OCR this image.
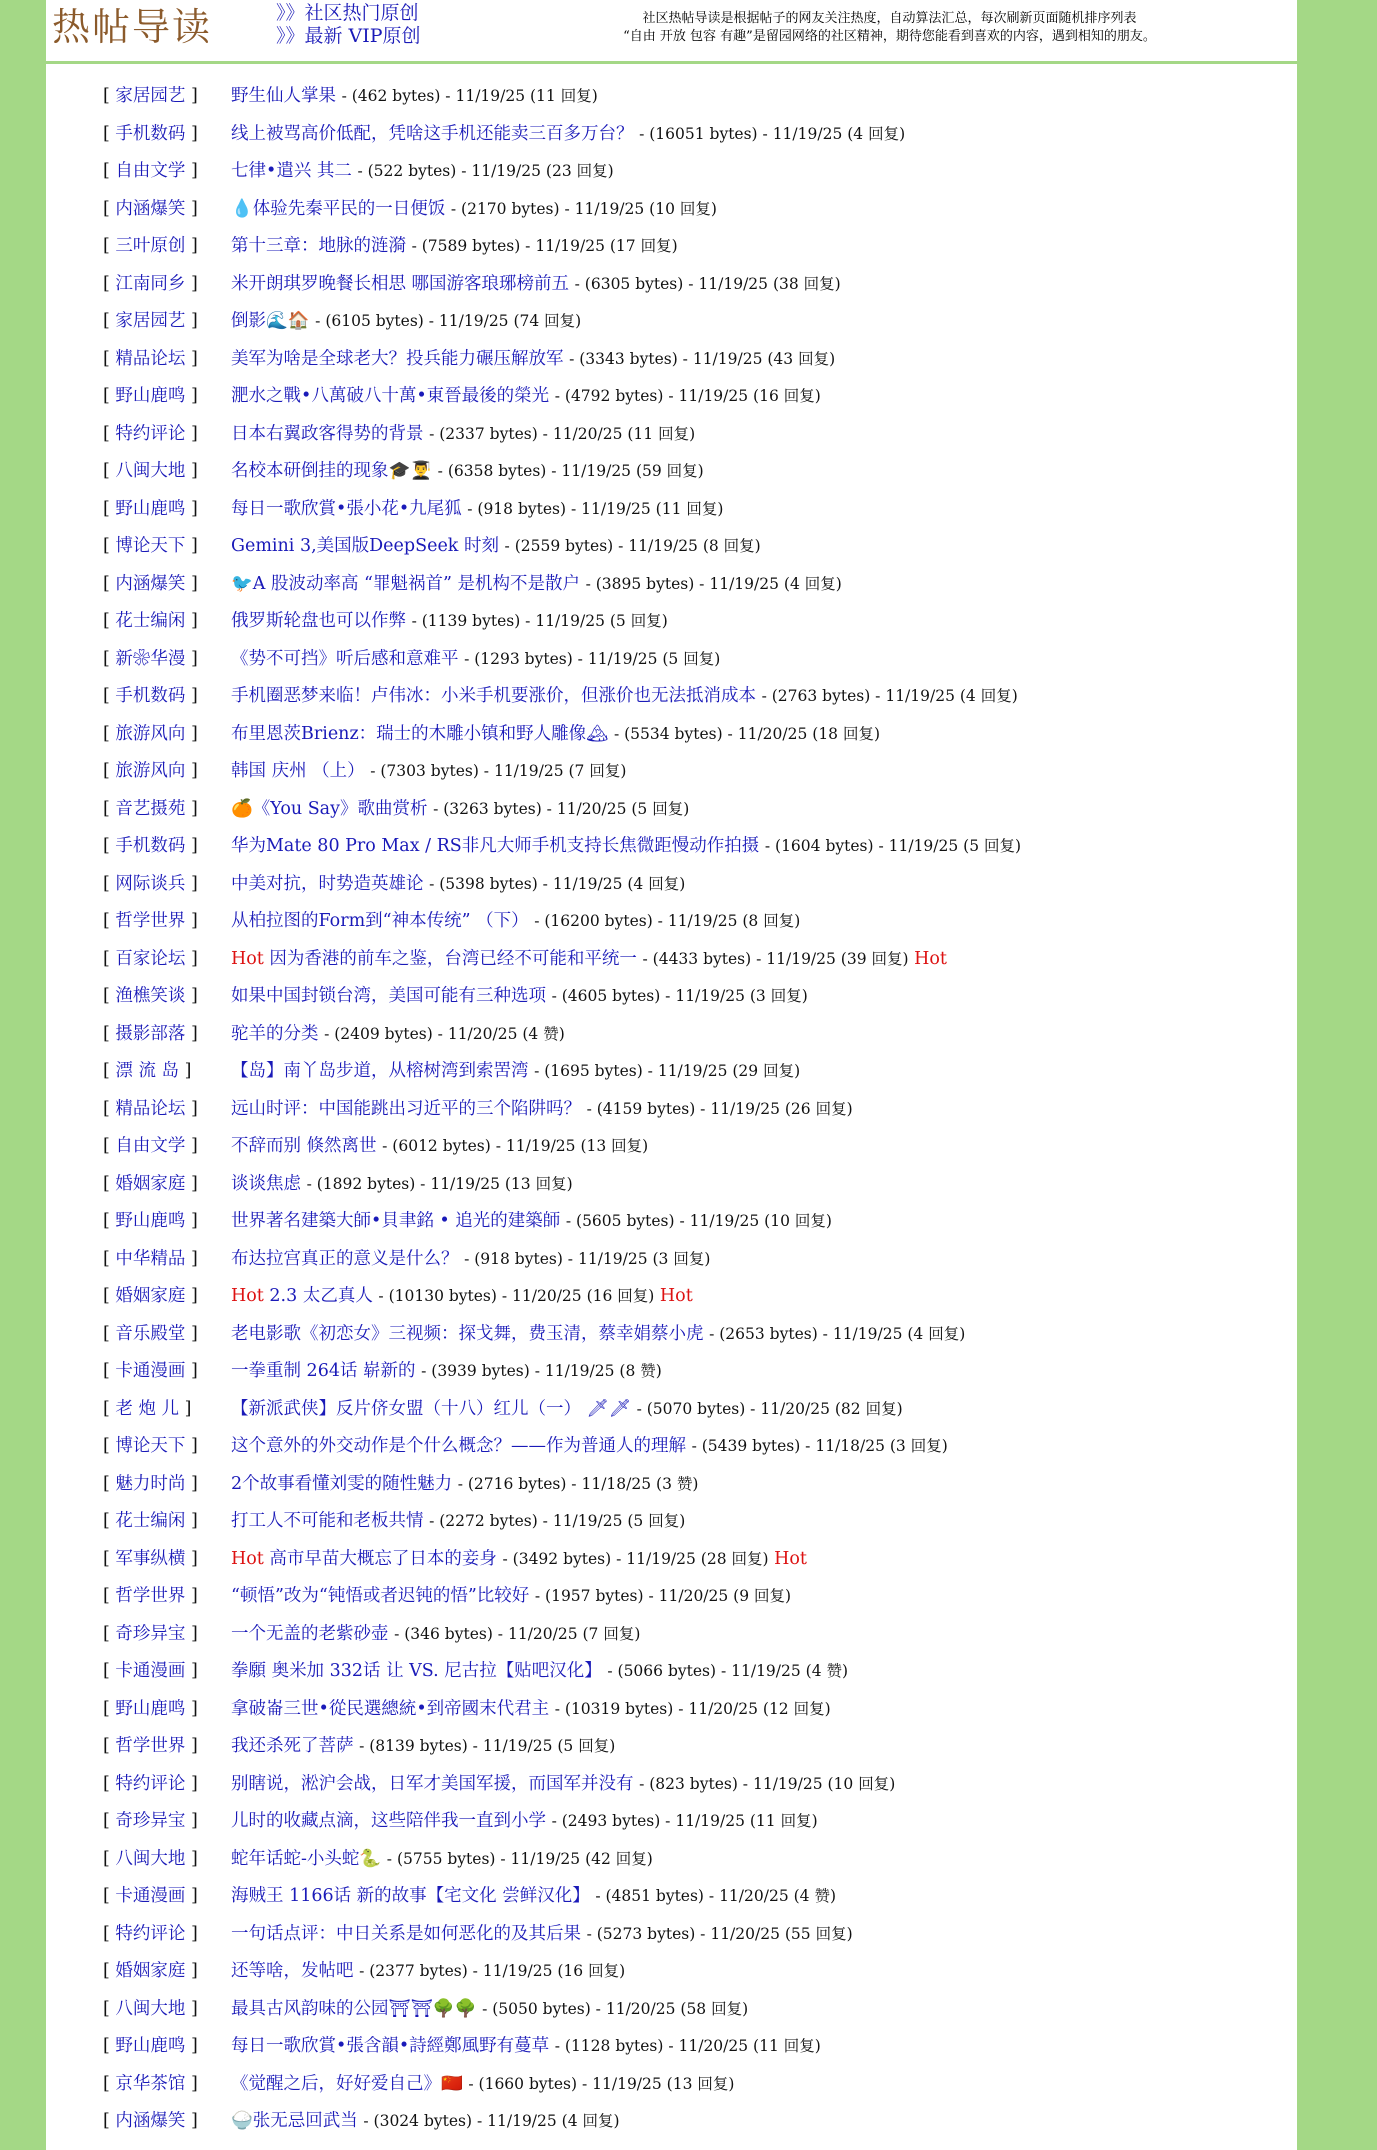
热帖导读	》》社区热门原创
》》最新 VIP原创
社区热帖导读是根据帖子的网友关注热度，自动算法汇总，每次刷新页面随机排序列表
“自由 开放 包容 有趣”是留园网络的社区精神，期待您能看到喜欢的内容，遇到相知的朋友。
[ 家居园艺 ] 野生仙人掌果 - (462 bytes) - 11/19/25 (11 回复)
[ 手机数码 ] 线上被骂高价低配，凭啥这手机还能卖三百多万台？ - (16051 bytes) - 11/19/25 (4 回复)
[ 自由文学 ] 七律•遣兴 其二 - (522 bytes) - 11/19/25 (23 回复)
[ 内涵爆笑 ] 💧体验先秦平民的一日便饭 - (2170 bytes) - 11/19/25 (10 回复)
[ 三叶原创 ] 第十三章：地脉的涟漪 - (7589 bytes) - 11/19/25 (17 回复)
[ 江南同乡 ] 米开朗琪罗晚餐长相思 哪国游客琅琊榜前五 - (6305 bytes) - 11/19/25 (38 回复)
[ 家居园艺 ] 倒影🌊🏠 - (6105 bytes) - 11/19/25 (74 回复)
[ 精品论坛 ] 美军为啥是全球老大？投兵能力碾压解放军 - (3343 bytes) - 11/19/25 (43 回复)
[ 野山鹿鸣 ] 淝水之戰•八萬破八十萬•東晉最後的榮光 - (4792 bytes) - 11/19/25 (16 回复)
[ 特约评论 ] 日本右翼政客得势的背景 - (2337 bytes) - 11/20/25 (11 回复)
[ 八闽大地 ] 名校本研倒挂的现象🎓👨‍🎓 - (6358 bytes) - 11/19/25 (59 回复)
[ 野山鹿鸣 ] 每日一歌欣賞•張小花•九尾狐 - (918 bytes) - 11/19/25 (11 回复)
[ 博论天下 ] Gemini 3,美国版DeepSeek 时刻 - (2559 bytes) - 11/19/25 (8 回复)
[ 内涵爆笑 ] 🐦A 股波动率高 “罪魁祸首” 是机构不是散户 - (3895 bytes) - 11/19/25 (4 回复)
[ 花士编闲 ] 俄罗斯轮盘也可以作弊 - (1139 bytes) - 11/19/25 (5 回复)
[ 新❀华漫 ] 《势不可挡》听后感和意难平 - (1293 bytes) - 11/19/25 (5 回复)
[ 手机数码 ] 手机圈恶梦来临！卢伟冰：小米手机要涨价，但涨价也无法抵消成本 - (2763 bytes) - 11/19/25 (4 回复)
[ 旅游风向 ] 布里恩茨Brienz：瑞士的木雕小镇和野人雕像🏔 - (5534 bytes) - 11/20/25 (18 回复)
[ 旅游风向 ] 韩国 庆州 （上） - (7303 bytes) - 11/19/25 (7 回复)
[ 音艺摄苑 ] 🍊《You Say》歌曲赏析 - (3263 bytes) - 11/20/25 (5 回复)
[ 手机数码 ] 华为Mate 80 Pro Max / RS非凡大师手机支持长焦微距慢动作拍摄 - (1604 bytes) - 11/19/25 (5 回复)
[ 网际谈兵 ] 中美对抗，时势造英雄论 - (5398 bytes) - 11/19/25 (4 回复)
[ 哲学世界 ] 从柏拉图的Form到“神本传统” （下） - (16200 bytes) - 11/19/25 (8 回复)
[ 百家论坛 ] Hot 因为香港的前车之鉴，台湾已经不可能和平统一 - (4433 bytes) - 11/19/25 (39 回复) Hot
[ 渔樵笑谈 ] 如果中国封锁台湾，美国可能有三种选项 - (4605 bytes) - 11/19/25 (3 回复)
[ 摄影部落 ] 驼羊的分类 - (2409 bytes) - 11/20/25 (4 赞)
[ 漂 流 岛 ] 【岛】南丫岛步道，从榕树湾到索罟湾 - (1695 bytes) - 11/19/25 (29 回复)
[ 精品论坛 ] 远山时评：中国能跳出习近平的三个陷阱吗？ - (4159 bytes) - 11/19/25 (26 回复)
[ 自由文学 ] 不辞而别 倏然离世 - (6012 bytes) - 11/19/25 (13 回复)
[ 婚姻家庭 ] 谈谈焦虑 - (1892 bytes) - 11/19/25 (13 回复)
[ 野山鹿鸣 ] 世界著名建築大師•貝聿銘 • 追光的建築師 - (5605 bytes) - 11/19/25 (10 回复)
[ 中华精品 ] 布达拉宫真正的意义是什么？ - (918 bytes) - 11/19/25 (3 回复)
[ 婚姻家庭 ] Hot 2.3 太乙真人 - (10130 bytes) - 11/20/25 (16 回复) Hot
[ 音乐殿堂 ] 老电影歌《初恋女》三视频：探戈舞，费玉清，蔡幸娟蔡小虎 - (2653 bytes) - 11/19/25 (4 回复)
[ 卡通漫画 ] 一拳重制 264话 崭新的 - (3939 bytes) - 11/19/25 (8 赞)
[ 老 炮 儿 ] 【新派武侠】反片侪女盟（十八）红儿（一） 🗡🗡 - (5070 bytes) - 11/20/25 (82 回复)
[ 博论天下 ] 这个意外的外交动作是个什么概念？——作为普通人的理解 - (5439 bytes) - 11/18/25 (3 回复)
[ 魅力时尚 ] 2个故事看懂刘雯的随性魅力 - (2716 bytes) - 11/18/25 (3 赞)
[ 花士编闲 ] 打工人不可能和老板共情 - (2272 bytes) - 11/19/25 (5 回复)
[ 军事纵横 ] Hot 高市早苗大概忘了日本的妾身 - (3492 bytes) - 11/19/25 (28 回复) Hot
[ 哲学世界 ] “顿悟”改为“钝悟或者迟钝的悟”比较好 - (1957 bytes) - 11/20/25 (9 回复)
[ 奇珍异宝 ] 一个无盖的老紫砂壶 - (346 bytes) - 11/20/25 (7 回复)
[ 卡通漫画 ] 拳願 奥米加 332话 让 VS. 尼古拉【贴吧汉化】 - (5066 bytes) - 11/19/25 (4 赞)
[ 野山鹿鸣 ] 拿破崙三世•從民選總統•到帝國末代君主 - (10319 bytes) - 11/20/25 (12 回复)
[ 哲学世界 ] 我还杀死了菩萨 - (8139 bytes) - 11/19/25 (5 回复)
[ 特约评论 ] 别瞎说，淞沪会战，日军才美国军援，而国军并没有 - (823 bytes) - 11/19/25 (10 回复)
[ 奇珍异宝 ] 儿时的收藏点滴，这些陪伴我一直到小学 - (2493 bytes) - 11/19/25 (11 回复)
[ 八闽大地 ] 蛇年话蛇-小头蛇🐍 - (5755 bytes) - 11/19/25 (42 回复)
[ 卡通漫画 ] 海贼王 1166话 新的故事【宅文化 尝鲜汉化】 - (4851 bytes) - 11/20/25 (4 赞)
[ 特约评论 ] 一句话点评：中日关系是如何恶化的及其后果 - (5273 bytes) - 11/20/25 (55 回复)
[ 婚姻家庭 ] 还等啥，发帖吧 - (2377 bytes) - 11/19/25 (16 回复)
[ 八闽大地 ] 最具古风韵味的公园⛩⛩🌳🌳 - (5050 bytes) - 11/20/25 (58 回复)
[ 野山鹿鸣 ] 每日一歌欣賞•張含韻•詩經鄭風野有蔓草 - (1128 bytes) - 11/20/25 (11 回复)
[ 京华茶馆 ] 《觉醒之后，好好爱自己》🇨🇳 - (1660 bytes) - 11/19/25 (13 回复)
[ 内涵爆笑 ] 🍚张无忌回武当 - (3024 bytes) - 11/19/25 (4 回复)
